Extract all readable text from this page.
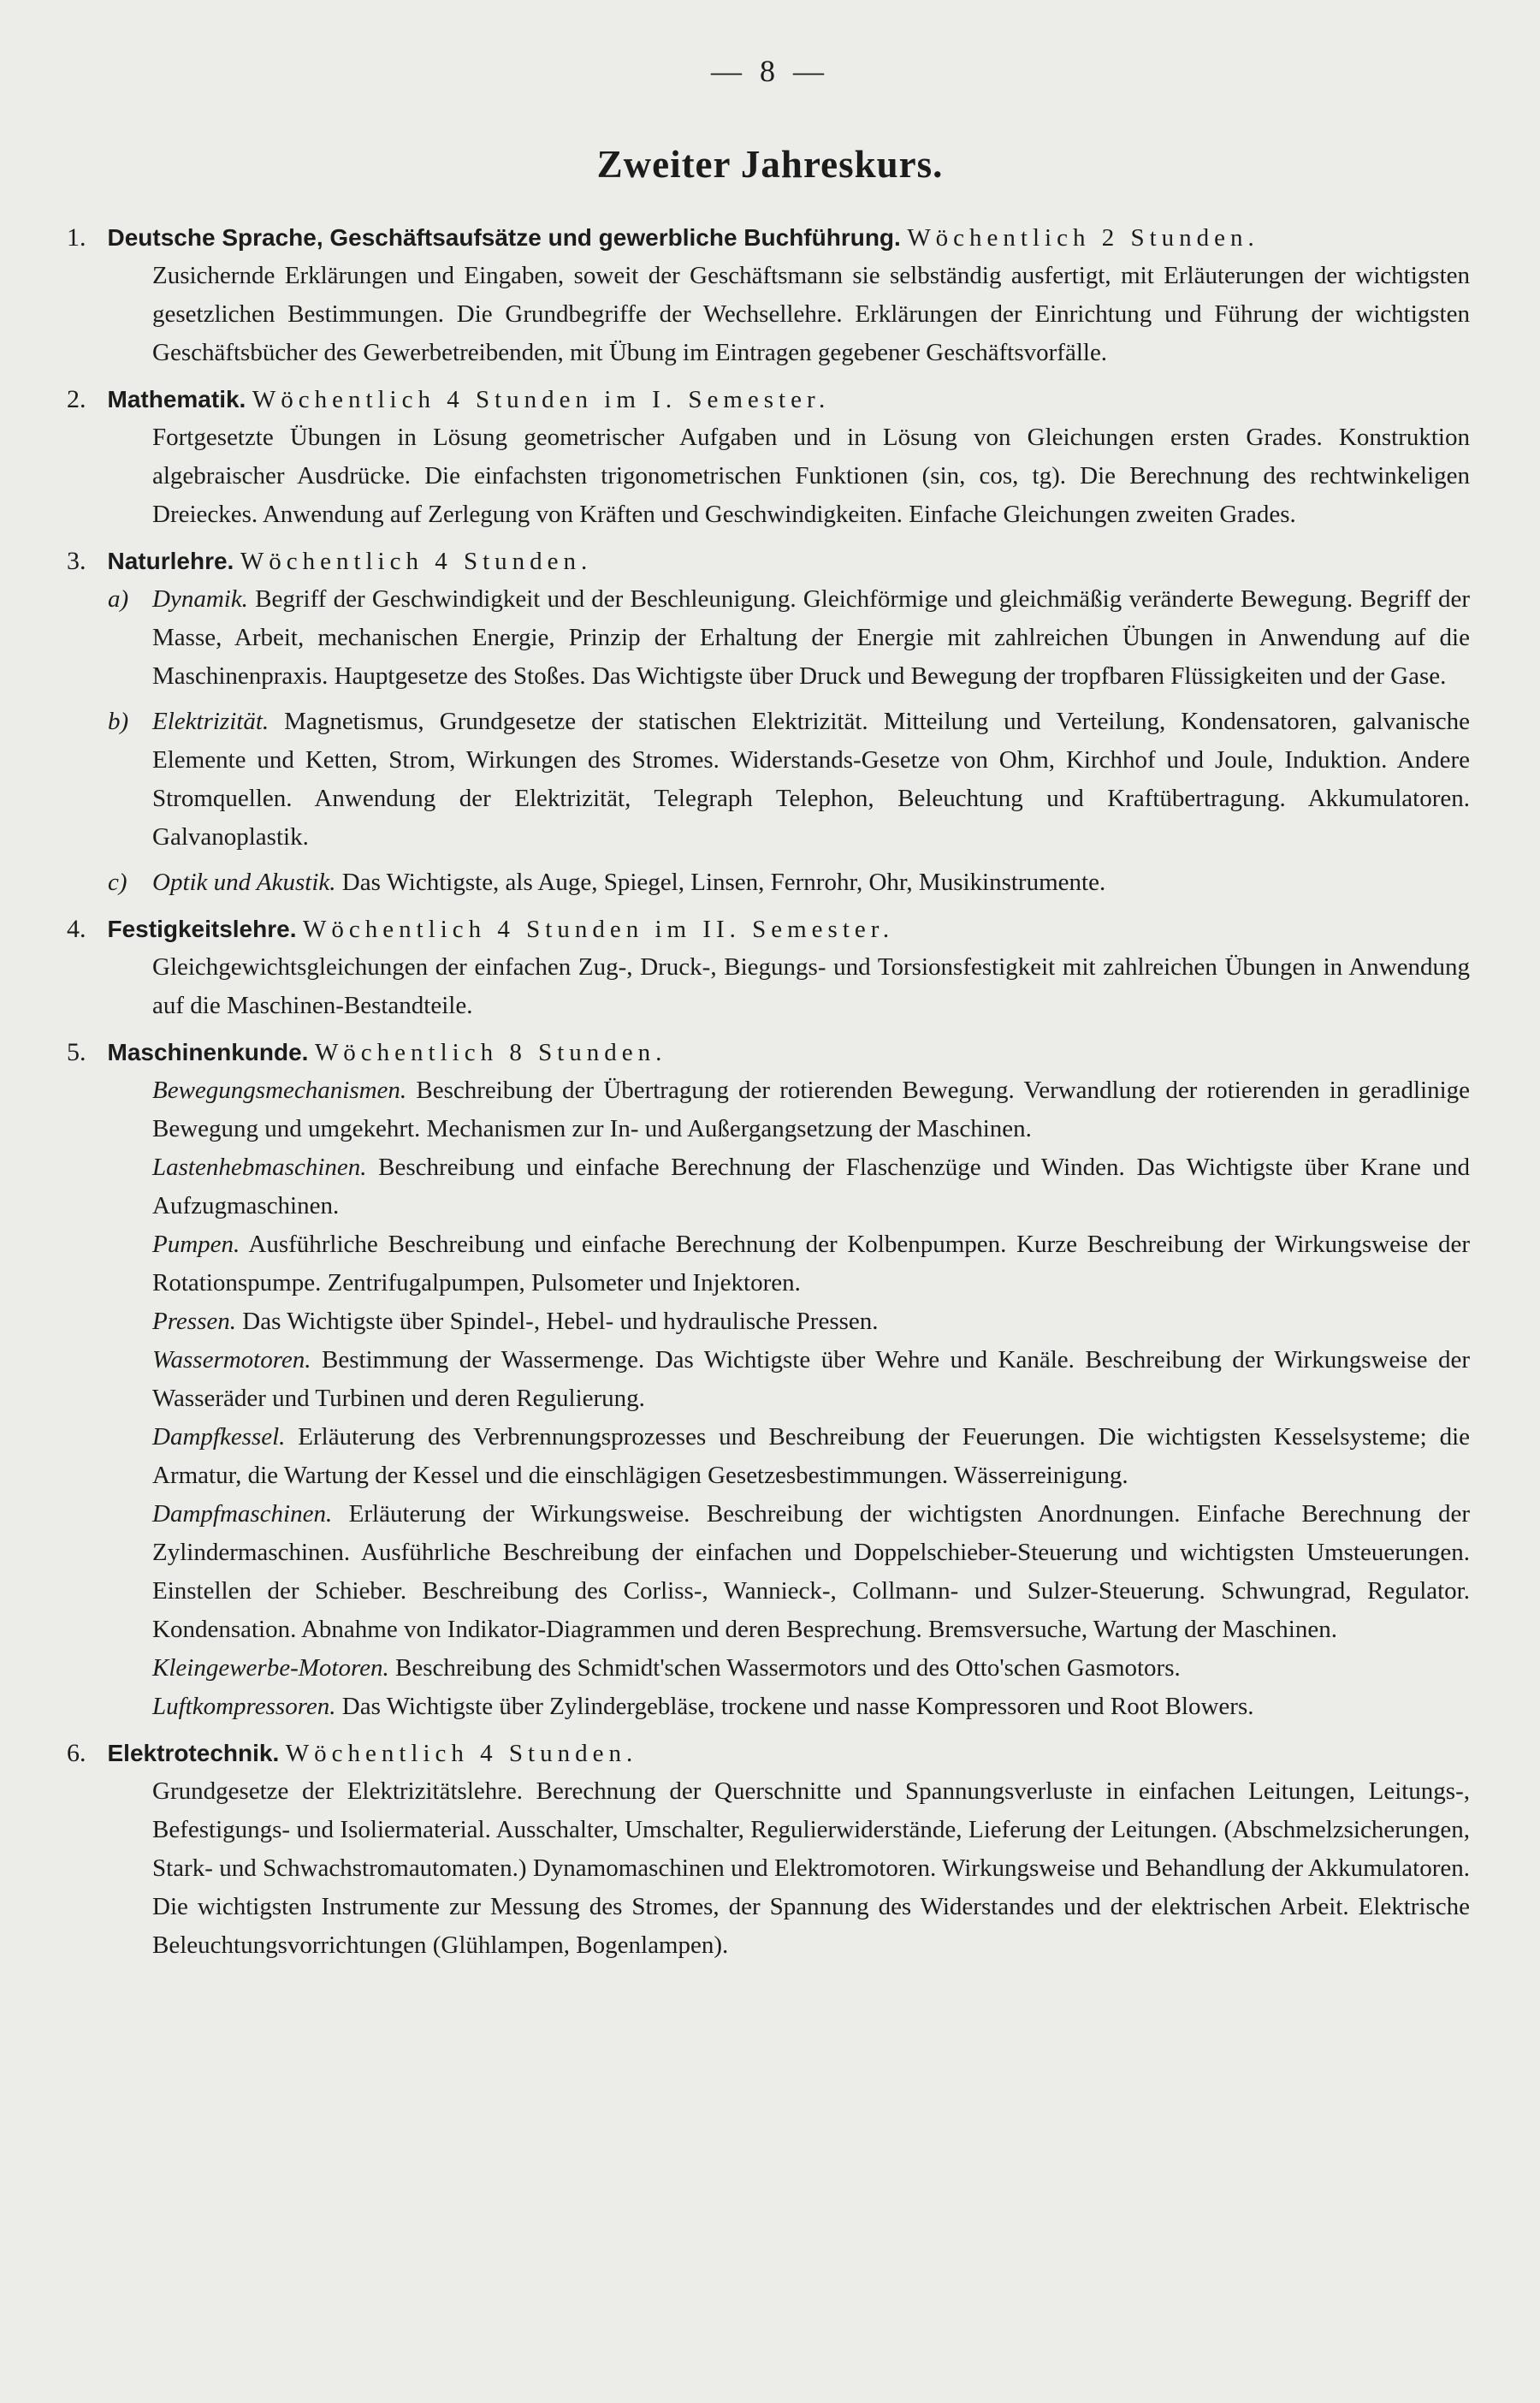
— 8 —
Zweiter Jahreskurs.
1. Deutsche Sprache, Geschäftsaufsätze und gewerbliche Buchführung. Wöchentlich 2 Stunden.
Zusichernde Erklärungen und Eingaben, soweit der Geschäftsmann sie selbständig ausfertigt, mit Erläuterungen der wichtigsten gesetzlichen Bestimmungen. Die Grundbegriffe der Wechsellehre. Erklärungen der Einrichtung und Führung der wichtigsten Geschäftsbücher des Gewerbetreibenden, mit Übung im Eintragen gegebener Geschäftsvorfälle.
2. Mathematik. Wöchentlich 4 Stunden im I. Semester.
Fortgesetzte Übungen in Lösung geometrischer Aufgaben und in Lösung von Gleichungen ersten Grades. Konstruktion algebraischer Ausdrücke. Die einfachsten trigonometrischen Funktionen (sin, cos, tg). Die Berechnung des rechtwinkeligen Dreieckes. Anwendung auf Zerlegung von Kräften und Geschwindigkeiten. Einfache Gleichungen zweiten Grades.
3. Naturlehre. Wöchentlich 4 Stunden.
a) Dynamik. Begriff der Geschwindigkeit und der Beschleunigung. Gleichförmige und gleichmäßig veränderte Bewegung. Begriff der Masse, Arbeit, mechanischen Energie, Prinzip der Erhaltung der Energie mit zahlreichen Übungen in Anwendung auf die Maschinenpraxis. Hauptgesetze des Stoßes. Das Wichtigste über Druck und Bewegung der tropfbaren Flüssigkeiten und der Gase.
b) Elektrizität. Magnetismus, Grundgesetze der statischen Elektrizität. Mitteilung und Verteilung, Kondensatoren, galvanische Elemente und Ketten, Strom, Wirkungen des Stromes. Widerstands-Gesetze von Ohm, Kirchhof und Joule, Induktion. Andere Stromquellen. Anwendung der Elektrizität, Telegraph Telephon, Beleuchtung und Kraftübertragung. Akkumulatoren. Galvanoplastik.
c)	Optik und Akustik. Das Wichtigste, als Auge, Spiegel, Linsen, Fernrohr, Ohr, Musikinstrumente.
4. Festigkeitslehre. Wöchentlich 4 Stunden im II. Semester.
Gleichgewichtsgleichungen der einfachen Zug-, Druck-, Biegungs- und Torsionsfestigkeit mit zahlreichen Übungen in Anwendung auf die Maschinen-Bestandteile.
5. Maschinenkunde. Wöchentlich 8 Stunden.
Bewegungsmechanismen. Beschreibung der Übertragung der rotierenden Bewegung. Verwandlung der rotierenden in geradlinige Bewegung und umgekehrt. Mechanismen zur In- und Außergangsetzung der Maschinen.
Lastenhebmaschinen. Beschreibung und einfache Berechnung der Flaschenzüge und Winden. Das Wichtigste über Krane und Aufzugmaschinen.
Pumpen. Ausführliche Beschreibung und einfache Berechnung der Kolbenpumpen. Kurze Beschreibung der Wirkungsweise der Rotationspumpe. Zentrifugalpumpen, Pulsometer und Injektoren.
Pressen. Das Wichtigste über Spindel-, Hebel- und hydraulische Pressen.
Wassermotoren. Bestimmung der Wassermenge. Das Wichtigste über Wehre und Kanäle. Beschreibung der Wirkungsweise der Wasseräder und Turbinen und deren Regulierung.
Dampfkessel. Erläuterung des Verbrennungsprozesses und Beschreibung der Feuerungen. Die wichtigsten Kesselsysteme; die Armatur, die Wartung der Kessel und die einschlägigen Gesetzesbestimmungen. Wässerreinigung.
Dampfmaschinen. Erläuterung der Wirkungsweise. Beschreibung der wichtigsten Anordnungen. Einfache Berechnung der Zylindermaschinen. Ausführliche Beschreibung der einfachen und Doppelschieber-Steuerung und wichtigsten Umsteuerungen. Einstellen der Schieber. Beschreibung des Corliss-, Wannieck-, Collmann- und Sulzer-Steuerung. Schwungrad, Regulator. Kondensation. Abnahme von Indikator-Diagrammen und deren Besprechung. Bremsversuche, Wartung der Maschinen.
Kleingewerbe-Motoren. Beschreibung des Schmidt'schen Wassermotors und des Otto'schen Gasmotors.
Luftkompressoren. Das Wichtigste über Zylindergebläse, trockene und nasse Kompressoren und Root Blowers.
6. Elektrotechnik. Wöchentlich 4 Stunden.
Grundgesetze der Elektrizitätslehre. Berechnung der Querschnitte und Spannungsverluste in einfachen Leitungen, Leitungs-, Befestigungs- und Isoliermaterial. Ausschalter, Umschalter, Regulierwiderstände, Lieferung der Leitungen. (Abschmelzsicherungen, Stark- und Schwachstromautomaten.) Dynamomaschinen und Elektromotoren. Wirkungsweise und Behandlung der Akkumulatoren. Die wichtigsten Instrumente zur Messung des Stromes, der Spannung des Widerstandes und der elektrischen Arbeit. Elektrische Beleuchtungsvorrichtungen (Glühlampen, Bogenlampen).
